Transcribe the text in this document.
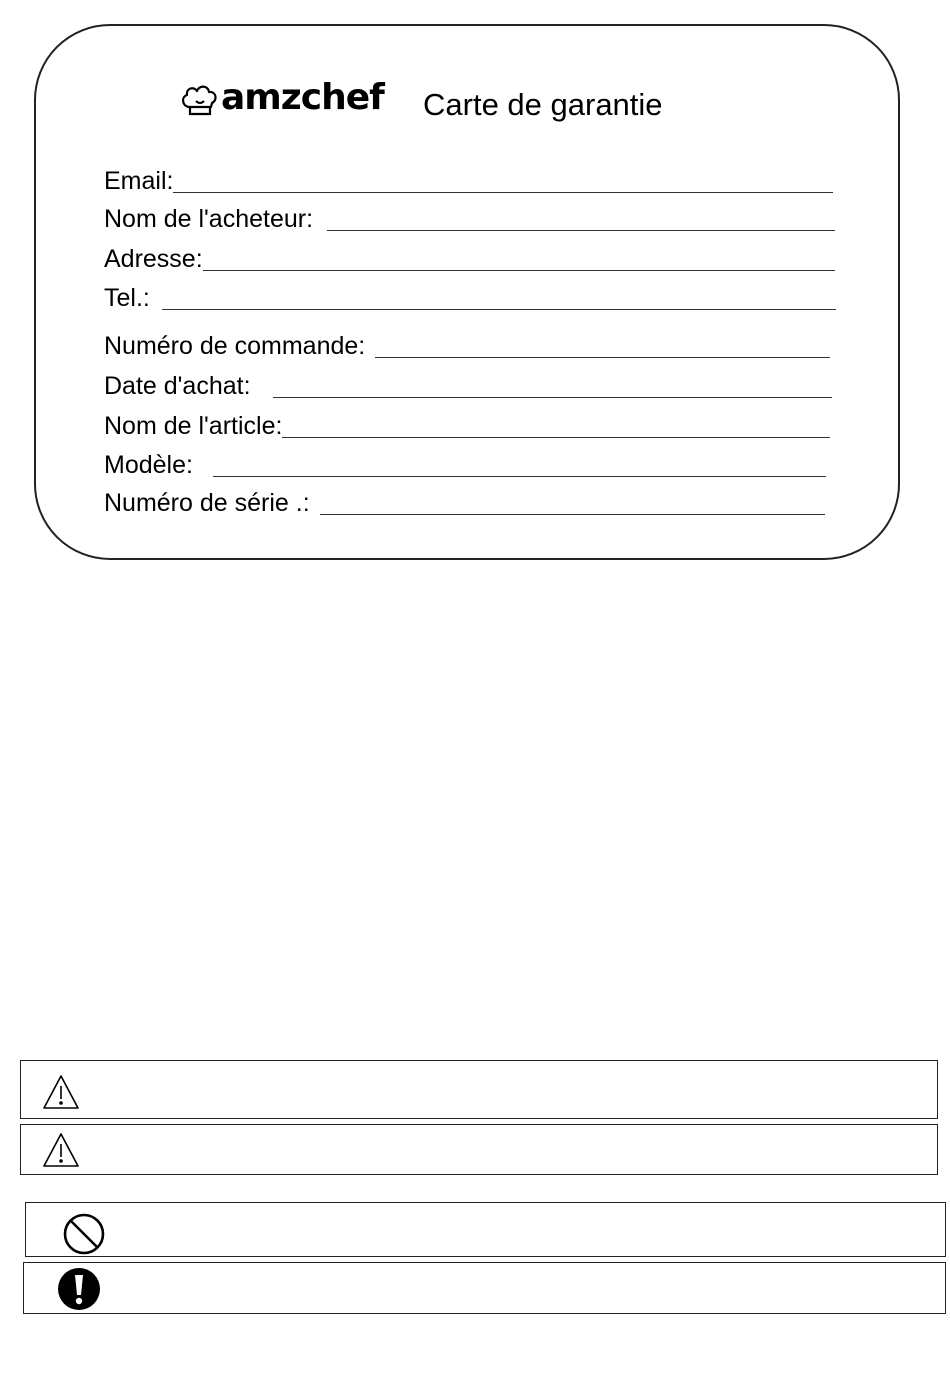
amzchef Carte de garantie
Email:
Nom de l'acheteur:
Adresse:
Tel.:
Numéro de commande:
Date d'achat:
Nom de l'article:
Modèle:
Numéro de série .:
